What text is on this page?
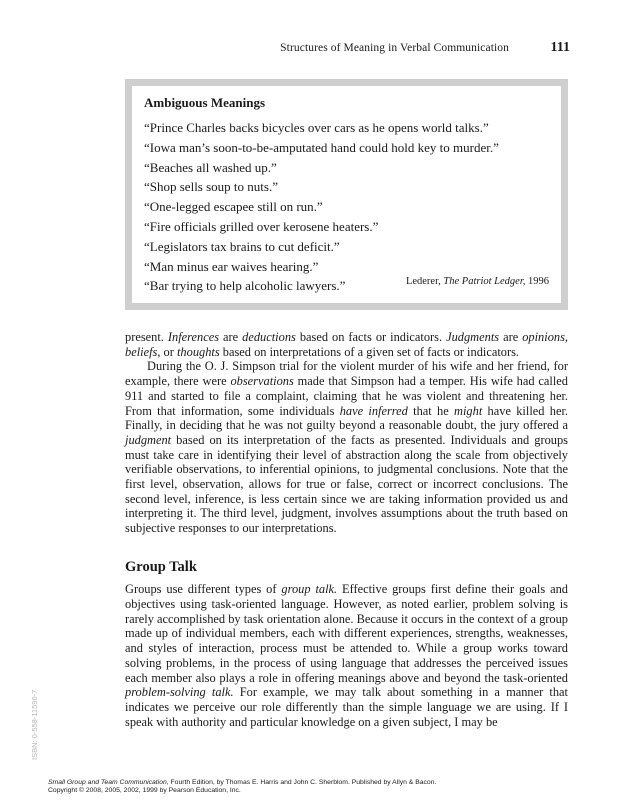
Structures of Meaning in Verbal Communication	111
Ambiguous Meanings
“Prince Charles backs bicycles over cars as he opens world talks.”
“Iowa man’s soon-to-be-amputated hand could hold key to murder.”
“Beaches all washed up.”
“Shop sells soup to nuts.”
“One-legged escapee still on run.”
“Fire officials grilled over kerosene heaters.”
“Legislators tax brains to cut deficit.”
“Man minus ear waives hearing.”
“Bar trying to help alcoholic lawyers.”	Lederer, The Patriot Ledger, 1996

present. Inferences are deductions based on facts or indicators. Judgments are opinions, beliefs, or thoughts based on interpretations of a given set of facts or indicators.

During the O. J. Simpson trial for the violent murder of his wife and her friend, for example, there were observations made that Simpson had a temper. His wife had called 911 and started to file a complaint, claiming that he was violent and threatening her. From that information, some individuals have inferred that he might have killed her. Finally, in deciding that he was not guilty beyond a reasonable doubt, the jury offered a judgment based on its interpretation of the facts as presented. Individuals and groups must take care in identifying their level of abstraction along the scale from objectively verifiable observations, to inferential opinions, to judgmental conclusions. Note that the first level, observation, allows for true or false, correct or incorrect conclusions. The second level, inference, is less certain since we are taking information provided us and interpreting it. The third level, judgment, involves assumptions about the truth based on subjective responses to our interpretations.

Group Talk

Groups use different types of group talk. Effective groups first define their goals and objectives using task-oriented language. However, as noted earlier, problem solving is rarely accomplished by task orientation alone. Because it occurs in the context of a group made up of individual members, each with different experiences, strengths, weaknesses, and styles of interaction, process must be attended to. While a group works toward solving problems, in the process of using language that addresses the perceived issues each member also plays a role in offering meanings above and beyond the task-oriented problem-solving talk. For example, we may talk about something in a manner that indicates we perceive our role differently than the simple language we are using. If I speak with authority and particular knowledge on a given subject, I may be

ISBN: 0-558-11590-7
Small Group and Team Communication, Fourth Edition, by Thomas E. Harris and John C. Sherblom. Published by Allyn & Bacon.
Copyright © 2008, 2005, 2002, 1999 by Pearson Education, Inc.
